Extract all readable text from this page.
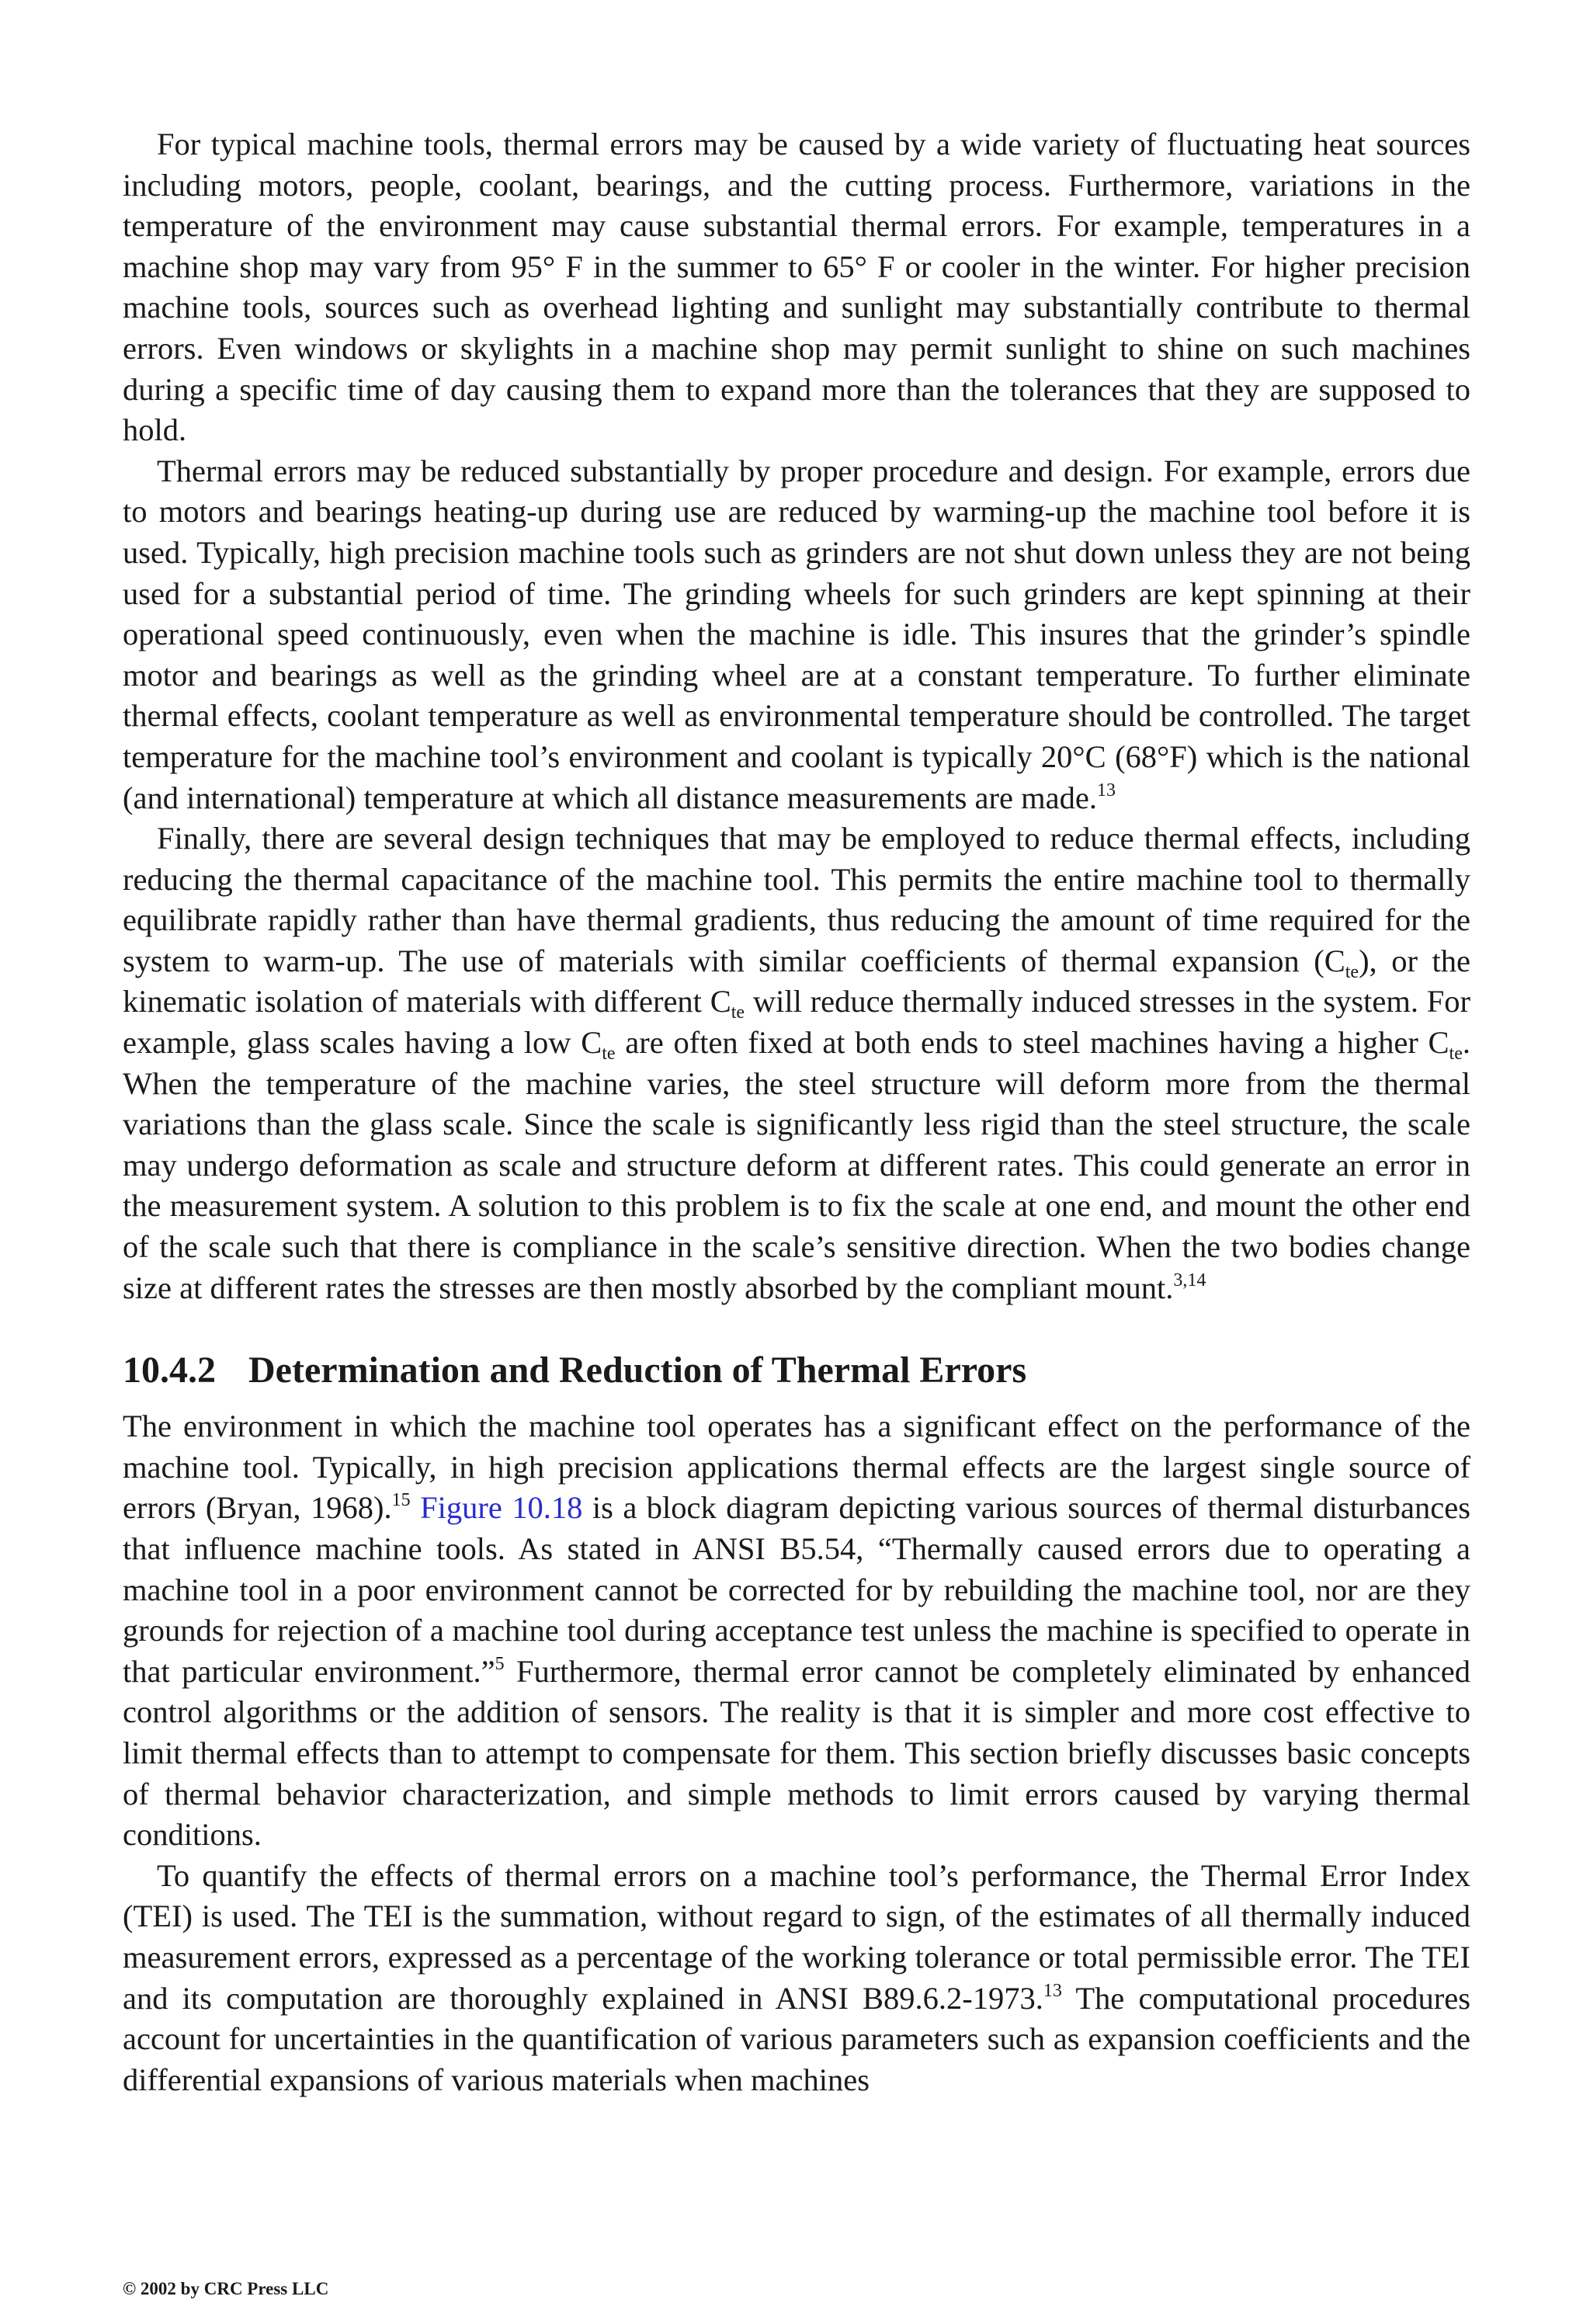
For typical machine tools, thermal errors may be caused by a wide variety of fluctuating heat sources including motors, people, coolant, bearings, and the cutting process. Furthermore, variations in the temperature of the environment may cause substantial thermal errors. For example, temperatures in a machine shop may vary from 95° F in the summer to 65° F or cooler in the winter. For higher precision machine tools, sources such as overhead lighting and sunlight may substantially contribute to thermal errors. Even windows or skylights in a machine shop may permit sunlight to shine on such machines during a specific time of day causing them to expand more than the tolerances that they are supposed to hold.

Thermal errors may be reduced substantially by proper procedure and design. For example, errors due to motors and bearings heating-up during use are reduced by warming-up the machine tool before it is used. Typically, high precision machine tools such as grinders are not shut down unless they are not being used for a substantial period of time. The grinding wheels for such grinders are kept spinning at their operational speed continuously, even when the machine is idle. This insures that the grinder’s spindle motor and bearings as well as the grinding wheel are at a constant temperature. To further eliminate thermal effects, coolant temperature as well as environmental temperature should be controlled. The target temperature for the machine tool’s environment and coolant is typically 20°C (68°F) which is the national (and international) temperature at which all distance measurements are made.$^{13}$

Finally, there are several design techniques that may be employed to reduce thermal effects, including reducing the thermal capacitance of the machine tool. This permits the entire machine tool to thermally equilibrate rapidly rather than have thermal gradients, thus reducing the amount of time required for the system to warm-up. The use of materials with similar coefficients of thermal expansion $(C_{te})$, or the kinematic isolation of materials with different $C_{te}$ will reduce thermally induced stresses in the system. For example, glass scales having a low $C_{te}$ are often fixed at both ends to steel machines having a higher $C_{te}$. When the temperature of the machine varies, the steel structure will deform more from the thermal variations than the glass scale. Since the scale is significantly less rigid than the steel structure, the scale may undergo deformation as scale and structure deform at different rates. This could generate an error in the measurement system. A solution to this problem is to fix the scale at one end, and mount the other end of the scale such that there is compliance in the scale’s sensitive direction. When the two bodies change size at different rates the stresses are then mostly absorbed by the compliant mount.$^{3,14}$

10.4.2 Determination and Reduction of Thermal Errors

The environment in which the machine tool operates has a significant effect on the performance of the machine tool. Typically, in high precision applications thermal effects are the largest single source of errors (Bryan, 1968).$^{15}$ Figure 10.18 is a block diagram depicting various sources of thermal disturbances that influence machine tools. As stated in ANSI B5.54, “Thermally caused errors due to operating a machine tool in a poor environment cannot be corrected for by rebuilding the machine tool, nor are they grounds for rejection of a machine tool during acceptance test unless the machine is specified to operate in that particular environment.”$^5$ Furthermore, thermal error cannot be completely eliminated by enhanced control algorithms or the addition of sensors. The reality is that it is simpler and more cost effective to limit thermal effects than to attempt to compensate for them. This section briefly discusses basic concepts of thermal behavior characterization, and simple methods to limit errors caused by varying thermal conditions.

To quantify the effects of thermal errors on a machine tool’s performance, the Thermal Error Index (TEI) is used. The TEI is the summation, without regard to sign, of the estimates of all thermally induced measurement errors, expressed as a percentage of the working tolerance or total permissible error. The TEI and its computation are thoroughly explained in ANSI B89.6.2-1973.13 The computational procedures account for uncertainties in the quantification of various parameters such as expansion coefficients and the differential expansions of various materials when machines

© 2002 by CRC Press LLC
